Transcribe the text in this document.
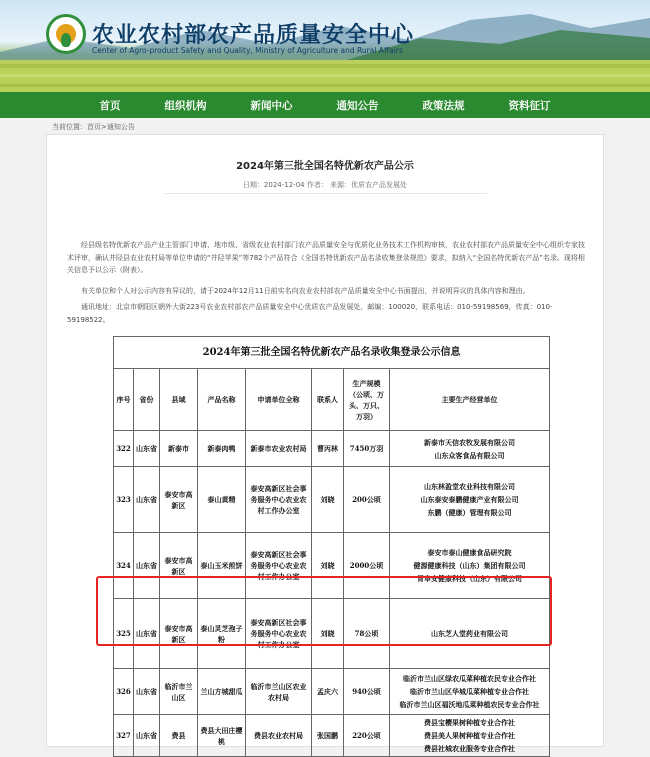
农业农村部农产品质量安全中心
Center of Agro-product Safety and Quality, Ministry of Agriculture and Rural Affairs
首页	组织机构	新闻中心	通知公告	政策法规	资料征订
当前位置：首页>通知公告
2024年第三批全国名特优新农产品公示
日期：2024-12-04 作者： 来源：优质农产品发展处

经县级名特优新农产品产业主管部门申请、地市级、省级农业农村部门农产品质量安全与优质化业务技术工作机构审核，农业农村部农产品质量安全中心组织专家技术评审，确认井陉县农业农村局等单位申请的“井陉苹果”等782个产品符合《全国名特优新农产品名录收集登录规范》要求，拟纳入“全国名特优新农产品”名录。现将相关信息予以公示（附表）。

有关单位和个人对公示内容有异议的，请于2024年12月11日前实名向农业农村部农产品质量安全中心书面提出，并说明异议的具体内容和理由。

通讯地址：北京市朝阳区朝外大街223号农业农村部农产品质量安全中心优质农产品发展处，邮编：100020，联系电话：010-59198569，传真：010-59198522。

2024年第三批全国名特优新农产品名录收集登录公示信息							
序号	省份	县域	产品名称	申请单位全称	联系人	生产规模（公顷、万头、万只、万羽）	主要生产经营单位
322	山东省	新泰市	新泰肉鸭	新泰市农业农村局	曹丙林	7450万羽	新泰市天信农牧发展有限公司
山东众客食品有限公司

323	山东省	泰安市高新区	泰山黄精	泰安高新区社会事务服务中心农业农村工作办公室	刘晓	200公顷	山东林盈堂农业科技有限公司
山东泰安泰鹏健康产业有限公司
东鹏（健康）管理有限公司

324	山东省	泰安市高新区	泰山玉米煎饼	泰安高新区社会事务服务中心农业农村工作办公室	刘晓	2000公顷	泰安市泰山健康食品研究院
健源健康科技（山东）集团有限公司
胃阜安健康科技（山东）有限公司

325	山东省	泰安市高新区	泰山灵芝孢子粉	泰安高新区社会事务服务中心农业农村工作办公室	刘晓	78公顷	山东芝人堂药业有限公司

326	山东省	临沂市兰山区	兰山方城甜瓜	临沂市兰山区农业农村局	孟庆六	940公顷	临沂市兰山区绿农瓜菜种植农民专业合作社
临沂市兰山区华城瓜菜种植专业合作社
临沂市兰山区福沃地瓜菜种植农民专业合作社

327	山东省	费县	费县大田庄樱桃	费县农业农村局	张国鹏	220公顷	费县宝樱果树种植专业合作社
费县美人果树种植专业合作社
费县社城农业服务专业合作社
